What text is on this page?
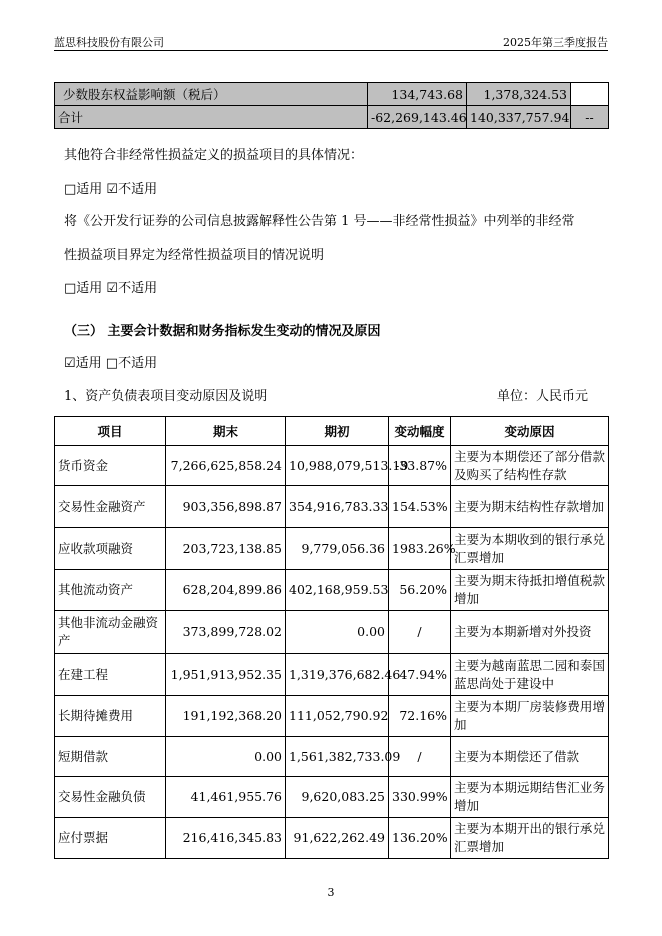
蓝思科技股份有限公司	2025年第三季度报告
少数股东权益影响额（税后）	134,743.68	1,378,324.53	
合计	-62,269,143.46	140,337,757.94	--

其他符合非经常性损益定义的损益项目的具体情况：

□适用 ☑不适用

将《公开发行证券的公司信息披露解释性公告第 1 号——非经常性损益》中列举的非经常

性损益项目界定为经常性损益项目的情况说明

□适用 ☑不适用

（三） 主要会计数据和财务指标发生变动的情况及原因

☑适用 □不适用

1、资产负债表项目变动原因及说明	单位：人民币元

项目	期末	期初	变动幅度	变动原因
货币资金	7,266,625,858.24	10,988,079,513.19	-33.87%	主要为本期偿还了部分借款及购买了结构性存款
交易性金融资产	903,356,898.87	354,916,783.33	154.53%	主要为期末结构性存款增加
应收款项融资	203,723,138.85	9,779,056.36	1983.26%	主要为本期收到的银行承兑汇票增加
其他流动资产	628,204,899.86	402,168,959.53	56.20%	主要为期末待抵扣增值税款增加
其他非流动金融资产	373,899,728.02	0.00	/	主要为本期新增对外投资
在建工程	1,951,913,952.35	1,319,376,682.46	47.94%	主要为越南蓝思二园和泰国蓝思尚处于建设中
长期待摊费用	191,192,368.20	111,052,790.92	72.16%	主要为本期厂房装修费用增加
短期借款	0.00	1,561,382,733.09	/	主要为本期偿还了借款
交易性金融负债	41,461,955.76	9,620,083.25	330.99%	主要为本期远期结售汇业务增加
应付票据	216,416,345.83	91,622,262.49	136.20%	主要为本期开出的银行承兑汇票增加
3
